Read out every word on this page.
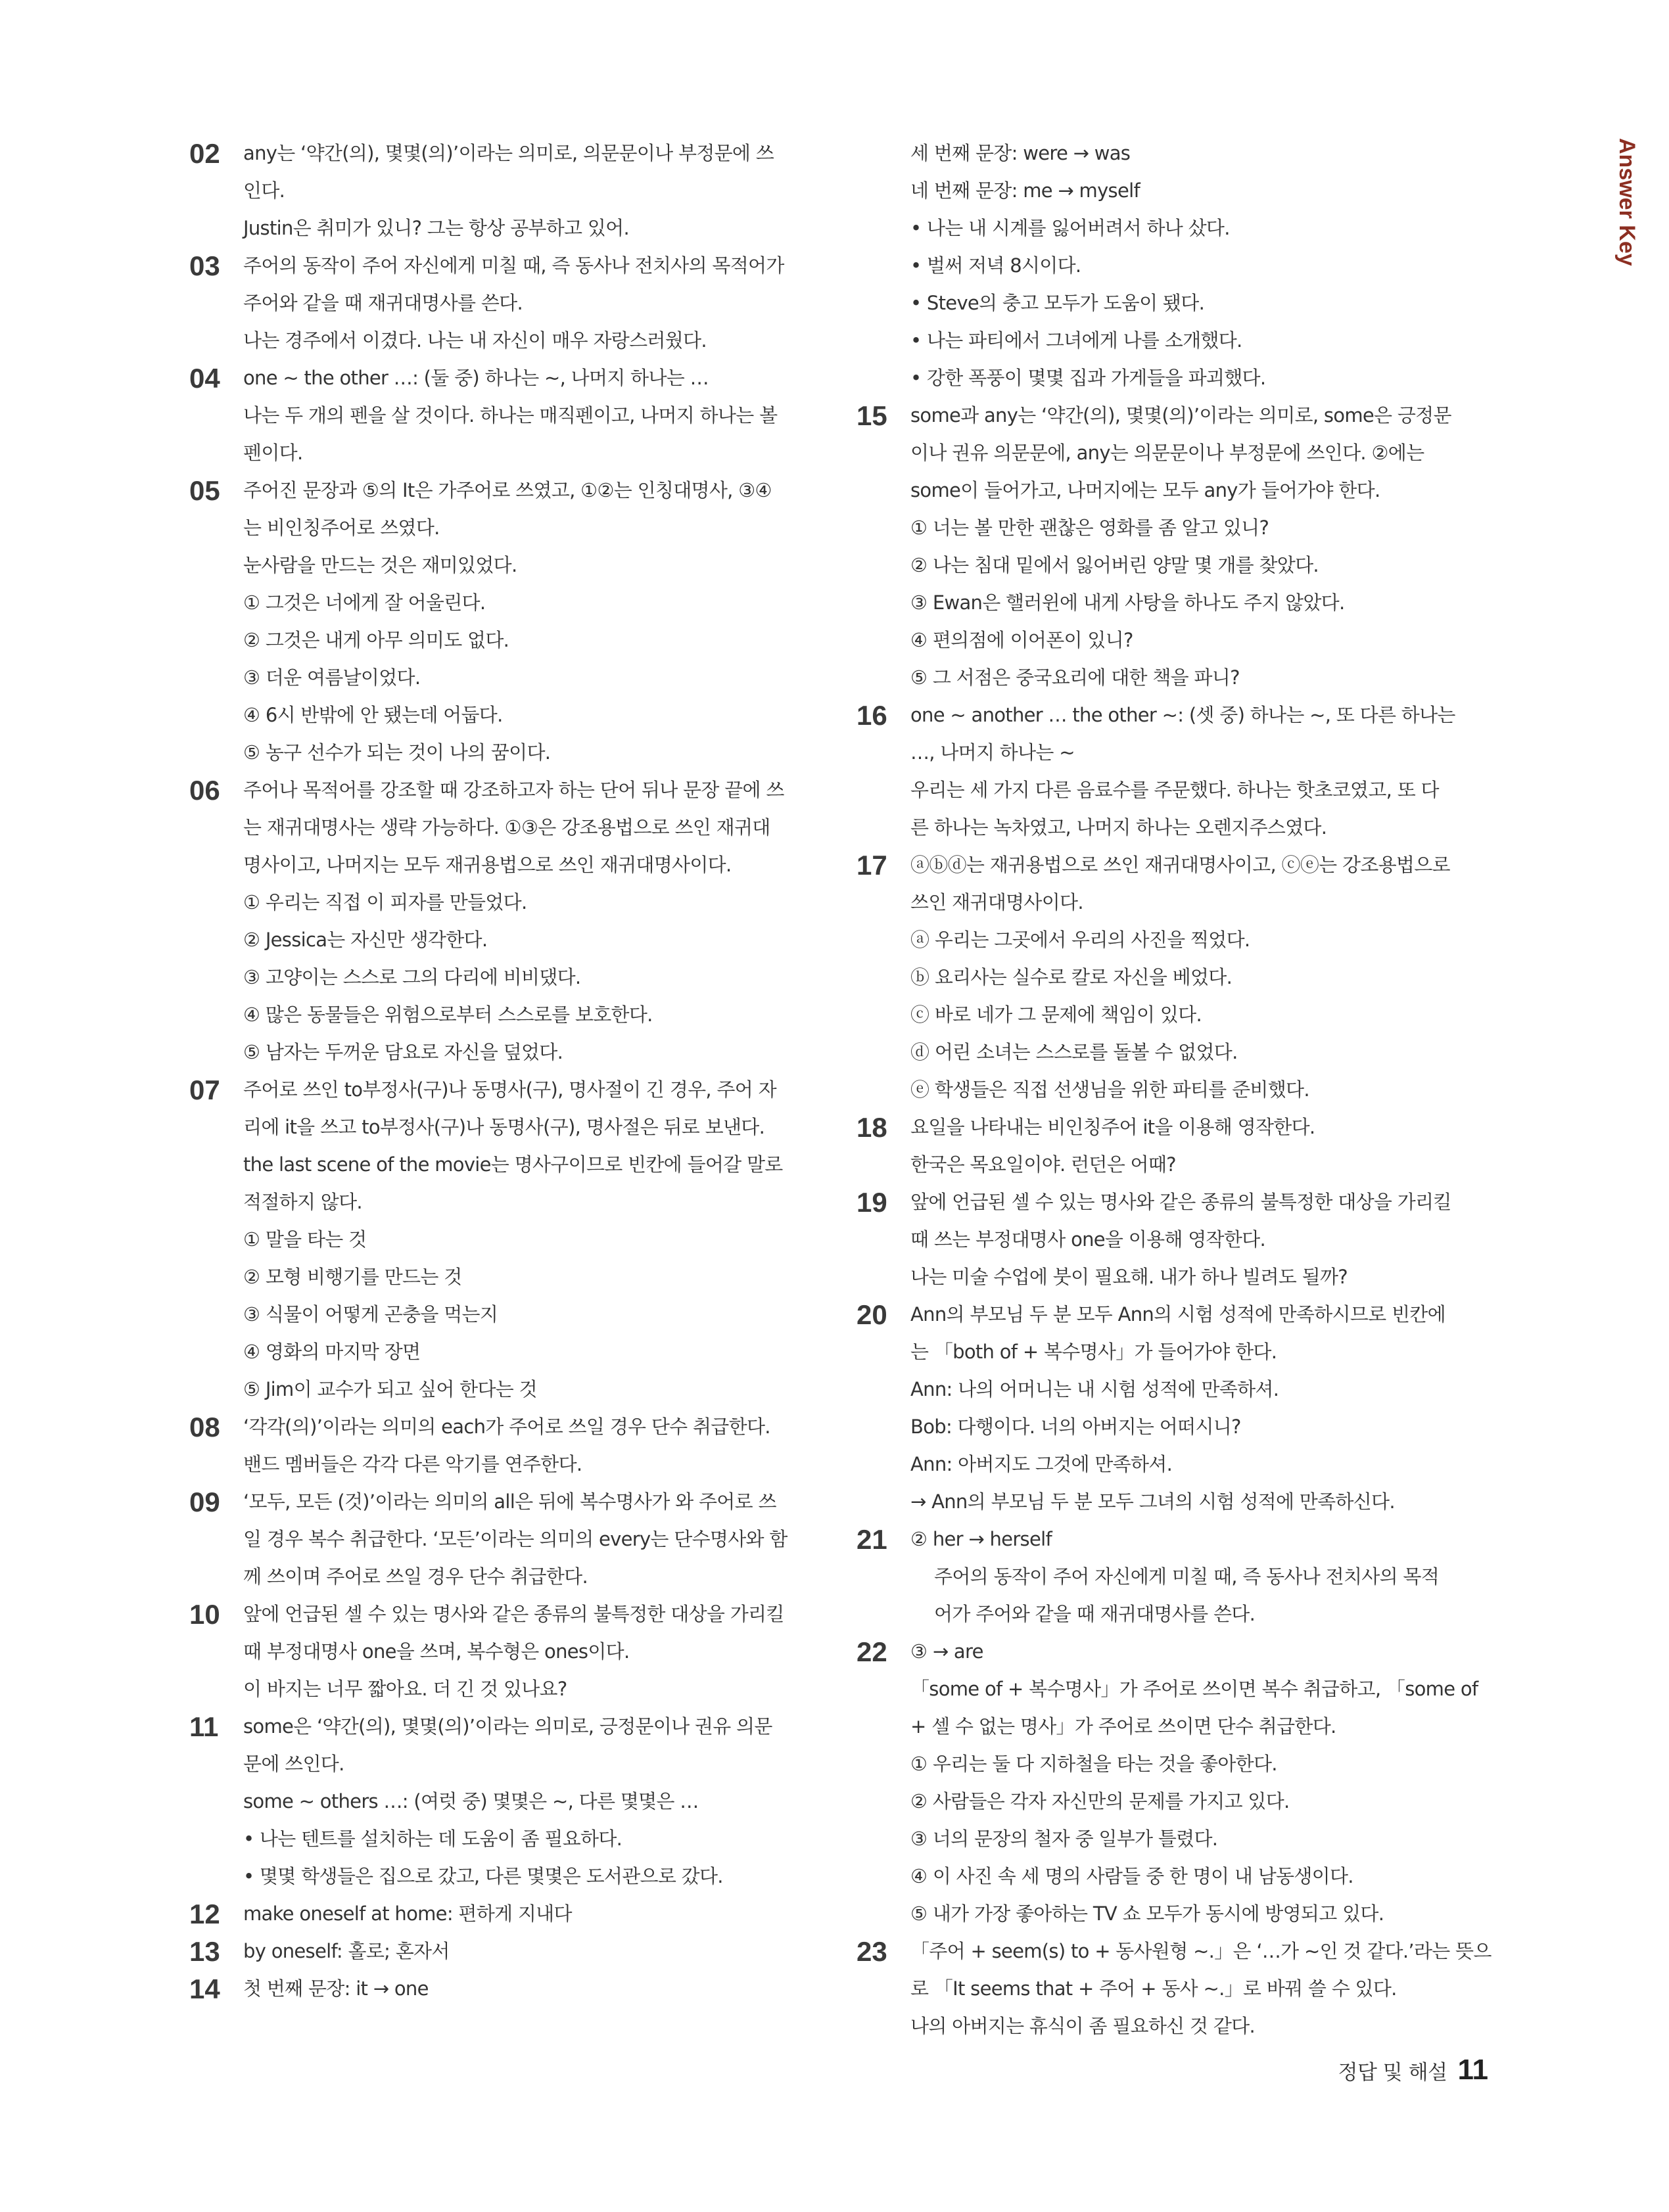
Answer Key
02	any는 ‘약간(의), 몇몇(의)’이라는 의미로, 의문문이나 부정문에 쓰
인다.
Justin은 취미가 있니? 그는 항상 공부하고 있어.
03	주어의 동작이 주어 자신에게 미칠 때, 즉 동사나 전치사의 목적어가
주어와 같을 때 재귀대명사를 쓴다.
나는 경주에서 이겼다. 나는 내 자신이 매우 자랑스러웠다.
04	one ~ the other …: (둘 중) 하나는 ~, 나머지 하나는 …
나는 두 개의 펜을 살 것이다. 하나는 매직펜이고, 나머지 하나는 볼
펜이다.
05	주어진 문장과 ⑤의 It은 가주어로 쓰였고, ①②는 인칭대명사, ③④
는 비인칭주어로 쓰였다.
눈사람을 만드는 것은 재미있었다.
① 그것은 너에게 잘 어울린다.
② 그것은 내게 아무 의미도 없다.
③ 더운 여름날이었다.
④ 6시 반밖에 안 됐는데 어둡다.
⑤ 농구 선수가 되는 것이 나의 꿈이다.
06	주어나 목적어를 강조할 때 강조하고자 하는 단어 뒤나 문장 끝에 쓰
는 재귀대명사는 생략 가능하다. ①③은 강조용법으로 쓰인 재귀대
명사이고, 나머지는 모두 재귀용법으로 쓰인 재귀대명사이다.
① 우리는 직접 이 피자를 만들었다.
② Jessica는 자신만 생각한다.
③ 고양이는 스스로 그의 다리에 비비댔다.
④ 많은 동물들은 위험으로부터 스스로를 보호한다.
⑤ 남자는 두꺼운 담요로 자신을 덮었다.
07	주어로 쓰인 to부정사(구)나 동명사(구), 명사절이 긴 경우, 주어 자
리에 it을 쓰고 to부정사(구)나 동명사(구), 명사절은 뒤로 보낸다.
the last scene of the movie는 명사구이므로 빈칸에 들어갈 말로
적절하지 않다.
① 말을 타는 것
② 모형 비행기를 만드는 것
③ 식물이 어떻게 곤충을 먹는지
④ 영화의 마지막 장면
⑤ Jim이 교수가 되고 싶어 한다는 것
08	‘각각(의)’이라는 의미의 each가 주어로 쓰일 경우 단수 취급한다.
밴드 멤버들은 각각 다른 악기를 연주한다.
09	‘모두, 모든 (것)’이라는 의미의 all은 뒤에 복수명사가 와 주어로 쓰
일 경우 복수 취급한다. ‘모든’이라는 의미의 every는 단수명사와 함
께 쓰이며 주어로 쓰일 경우 단수 취급한다.
10	앞에 언급된 셀 수 있는 명사와 같은 종류의 불특정한 대상을 가리킬
때 부정대명사 one을 쓰며, 복수형은 ones이다.
이 바지는 너무 짧아요. 더 긴 것 있나요?
11	some은 ‘약간(의), 몇몇(의)’이라는 의미로, 긍정문이나 권유 의문
문에 쓰인다.
some ~ others …: (여럿 중) 몇몇은 ~, 다른 몇몇은 …
• 나는 텐트를 설치하는 데 도움이 좀 필요하다.
• 몇몇 학생들은 집으로 갔고, 다른 몇몇은 도서관으로 갔다.
12	make oneself at home: 편하게 지내다
13	by oneself: 홀로; 혼자서
14	첫 번째 문장: it → one
세 번째 문장: were → was
네 번째 문장: me → myself
• 나는 내 시계를 잃어버려서 하나 샀다.
• 벌써 저녁 8시이다.
• Steve의 충고 모두가 도움이 됐다.
• 나는 파티에서 그녀에게 나를 소개했다.
• 강한 폭풍이 몇몇 집과 가게들을 파괴했다.
15	some과 any는 ‘약간(의), 몇몇(의)’이라는 의미로, some은 긍정문
이나 권유 의문문에, any는 의문문이나 부정문에 쓰인다. ②에는
some이 들어가고, 나머지에는 모두 any가 들어가야 한다.
① 너는 볼 만한 괜찮은 영화를 좀 알고 있니?
② 나는 침대 밑에서 잃어버린 양말 몇 개를 찾았다.
③ Ewan은 핼러윈에 내게 사탕을 하나도 주지 않았다.
④ 편의점에 이어폰이 있니?
⑤ 그 서점은 중국요리에 대한 책을 파니?
16	one ~ another … the other ~: (셋 중) 하나는 ~, 또 다른 하나는
…, 나머지 하나는 ~
우리는 세 가지 다른 음료수를 주문했다. 하나는 핫초코였고, 또 다
른 하나는 녹차였고, 나머지 하나는 오렌지주스였다.
17	ⓐⓑⓓ는 재귀용법으로 쓰인 재귀대명사이고, ⓒⓔ는 강조용법으로
쓰인 재귀대명사이다.
ⓐ 우리는 그곳에서 우리의 사진을 찍었다.
ⓑ 요리사는 실수로 칼로 자신을 베었다.
ⓒ 바로 네가 그 문제에 책임이 있다.
ⓓ 어린 소녀는 스스로를 돌볼 수 없었다.
ⓔ 학생들은 직접 선생님을 위한 파티를 준비했다.
18	요일을 나타내는 비인칭주어 it을 이용해 영작한다.
한국은 목요일이야. 런던은 어때?
19	앞에 언급된 셀 수 있는 명사와 같은 종류의 불특정한 대상을 가리킬
때 쓰는 부정대명사 one을 이용해 영작한다.
나는 미술 수업에 붓이 필요해. 내가 하나 빌려도 될까?
20	Ann의 부모님 두 분 모두 Ann의 시험 성적에 만족하시므로 빈칸에
는 「both of + 복수명사」가 들어가야 한다.
Ann: 나의 어머니는 내 시험 성적에 만족하셔.
Bob: 다행이다. 너의 아버지는 어떠시니?
Ann: 아버지도 그것에 만족하셔.
→ Ann의 부모님 두 분 모두 그녀의 시험 성적에 만족하신다.
21	② her → herself
주어의 동작이 주어 자신에게 미칠 때, 즉 동사나 전치사의 목적
어가 주어와 같을 때 재귀대명사를 쓴다.
22	③ → are
「some of + 복수명사」가 주어로 쓰이면 복수 취급하고, 「some of
+ 셀 수 없는 명사」가 주어로 쓰이면 단수 취급한다.
① 우리는 둘 다 지하철을 타는 것을 좋아한다.
② 사람들은 각자 자신만의 문제를 가지고 있다.
③ 너의 문장의 철자 중 일부가 틀렸다.
④ 이 사진 속 세 명의 사람들 중 한 명이 내 남동생이다.
⑤ 내가 가장 좋아하는 TV 쇼 모두가 동시에 방영되고 있다.
23	「주어 + seem(s) to + 동사원형 ~.」은 ‘…가 ~인 것 같다.’라는 뜻으
로 「It seems that + 주어 + 동사 ~.」로 바꿔 쓸 수 있다.
나의 아버지는 휴식이 좀 필요하신 것 같다.
정답 및 해설 11
